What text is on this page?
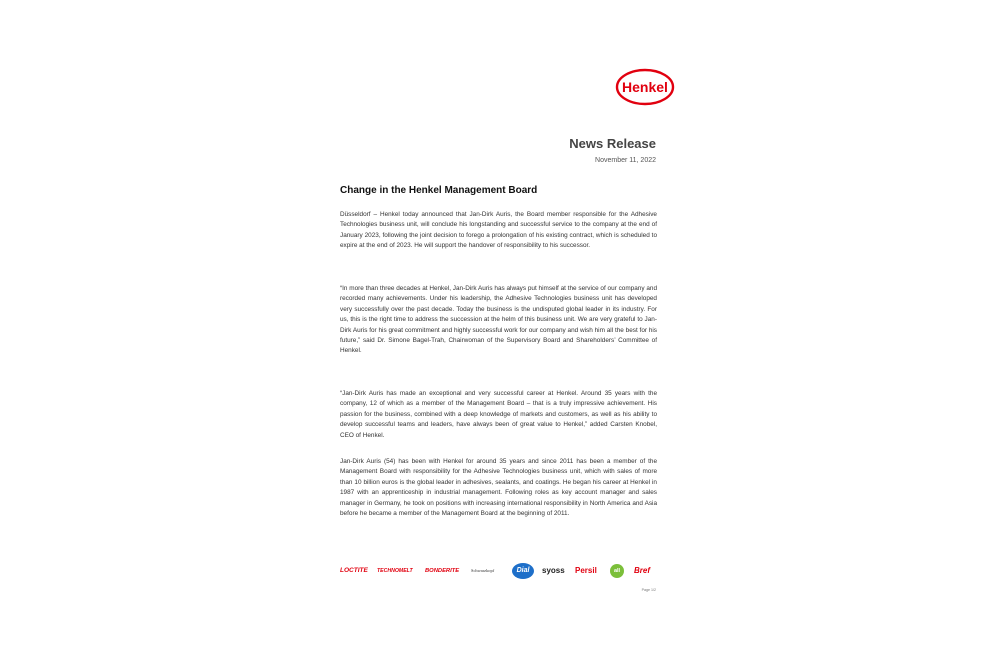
Henkel
News Release
November 11, 2022
Change in the Henkel Management Board
Düsseldorf – Henkel today announced that Jan-Dirk Auris, the Board member responsible for the Adhesive Technologies business unit, will conclude his longstanding and successful service to the company at the end of January 2023, following the joint decision to forego a prolongation of his existing contract, which is scheduled to expire at the end of 2023. He will support the handover of responsibility to his successor.
“In more than three decades at Henkel, Jan-Dirk Auris has always put himself at the service of our company and recorded many achievements. Under his leadership, the Adhesive Technologies business unit has developed very successfully over the past decade. Today the business is the undisputed global leader in its industry. For us, this is the right time to address the succession at the helm of this business unit. We are very grateful to Jan-Dirk Auris for his great commitment and highly successful work for our company and wish him all the best for his future,” said Dr. Simone Bagel-Trah, Chairwoman of the Supervisory Board and Shareholders’ Committee of Henkel.
“Jan-Dirk Auris has made an exceptional and very successful career at Henkel. Around 35 years with the company, 12 of which as a member of the Management Board – that is a truly impressive achievement. His passion for the business, combined with a deep knowledge of markets and customers, as well as his ability to develop successful teams and leaders, have always been of great value to Henkel,” added Carsten Knobel, CEO of Henkel.
Jan-Dirk Auris (54) has been with Henkel for around 35 years and since 2011 has been a member of the Management Board with responsibility for the Adhesive Technologies business unit, which with sales of more than 10 billion euros is the global leader in adhesives, sealants, and coatings. He began his career at Henkel in 1987 with an apprenticeship in industrial management. Following roles as key account manager and sales manager in Germany, he took on positions with increasing international responsibility in North America and Asia before he became a member of the Management Board at the beginning of 2011.
LOCTITE TECHNOMELT BONDERITE	Schwarzkopf	Dial	syoss Persil	all	Bref
Page 1/2
